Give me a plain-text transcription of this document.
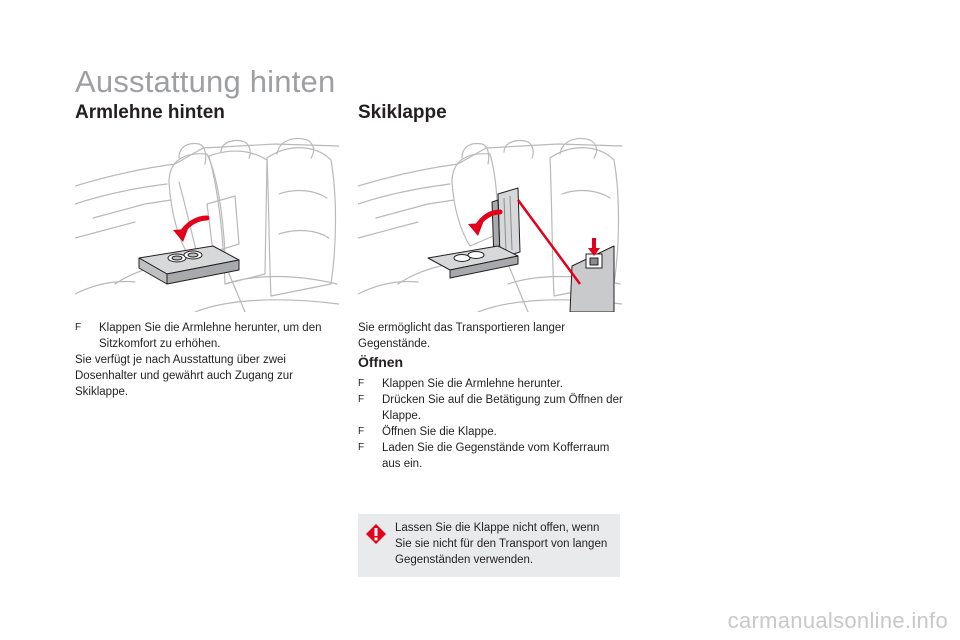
Ausstattung hinten
Armlehne hinten
F	Klappen Sie die Armlehne herunter, um den Sitzkomfort zu erhöhen.
Sie verfügt je nach Ausstattung über zwei Dosenhalter und gewährt auch Zugang zur Skiklappe.
Skiklappe
Sie ermöglicht das Transportieren langer Gegenstände.
Öffnen
F	Klappen Sie die Armlehne herunter.
F	Drücken Sie auf die Betätigung zum Öffnen der Klappe.
F	Öffnen Sie die Klappe.
F	Laden Sie die Gegenstände vom Kofferraum aus ein.
Lassen Sie die Klappe nicht offen, wenn Sie sie nicht für den Transport von langen Gegenständen verwenden.
carmanualsonline.info
